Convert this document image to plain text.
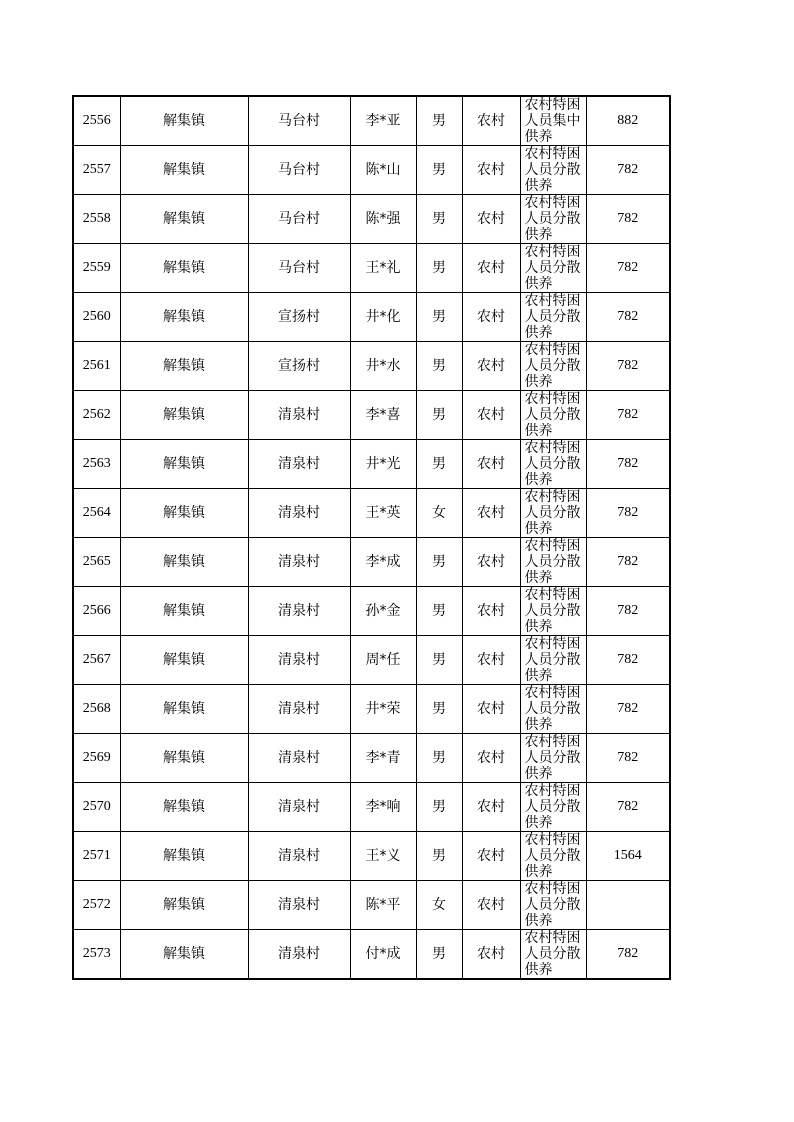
2556	解集镇	马台村	李*亚	男	农村	农村特困人员集中供养	882
2557	解集镇	马台村	陈*山	男	农村	农村特困人员分散供养	782
2558	解集镇	马台村	陈*强	男	农村	农村特困人员分散供养	782
2559	解集镇	马台村	王*礼	男	农村	农村特困人员分散供养	782
2560	解集镇	宣扬村	井*化	男	农村	农村特困人员分散供养	782
2561	解集镇	宣扬村	井*水	男	农村	农村特困人员分散供养	782
2562	解集镇	清泉村	李*喜	男	农村	农村特困人员分散供养	782
2563	解集镇	清泉村	井*光	男	农村	农村特困人员分散供养	782
2564	解集镇	清泉村	王*英	女	农村	农村特困人员分散供养	782
2565	解集镇	清泉村	李*成	男	农村	农村特困人员分散供养	782
2566	解集镇	清泉村	孙*金	男	农村	农村特困人员分散供养	782
2567	解集镇	清泉村	周*任	男	农村	农村特困人员分散供养	782
2568	解集镇	清泉村	井*荣	男	农村	农村特困人员分散供养	782
2569	解集镇	清泉村	李*青	男	农村	农村特困人员分散供养	782
2570	解集镇	清泉村	李*响	男	农村	农村特困人员分散供养	782
2571	解集镇	清泉村	王*义	男	农村	农村特困人员分散供养	1564
2572	解集镇	清泉村	陈*平	女	农村	农村特困人员分散供养	

2573	解集镇	清泉村	付*成	男	农村	农村特困人员分散供养	782
